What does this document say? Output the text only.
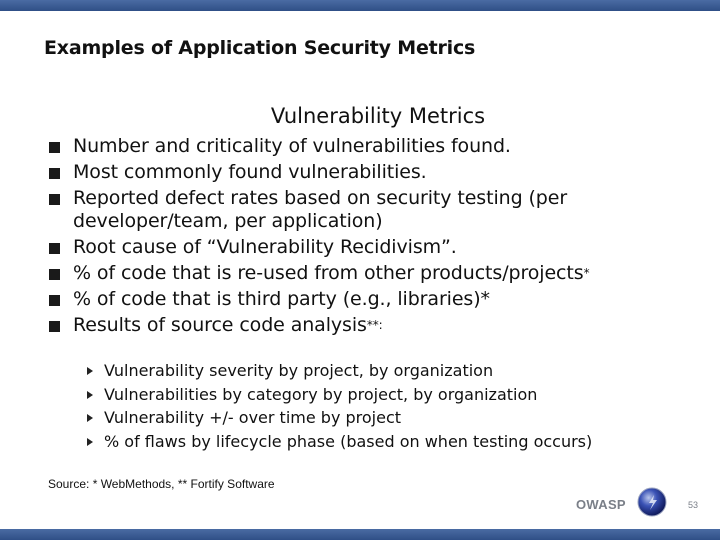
Examples of Application Security Metrics
Vulnerability Metrics
Number and criticality of vulnerabilities found.
Most commonly found vulnerabilities.
Reported defect rates based on security testing (per developer/team, per application)
Root cause of “Vulnerability Recidivism”.
% of code that is re-used from other products/projects*
% of code that is third party (e.g., libraries)*
Results of source code analysis**:
Vulnerability severity by project, by organization
Vulnerabilities by category by project, by organization
Vulnerability +/- over time by project
% of flaws by lifecycle phase (based on when testing occurs)
Source: * WebMethods, ** Fortify Software
OWASP	53
